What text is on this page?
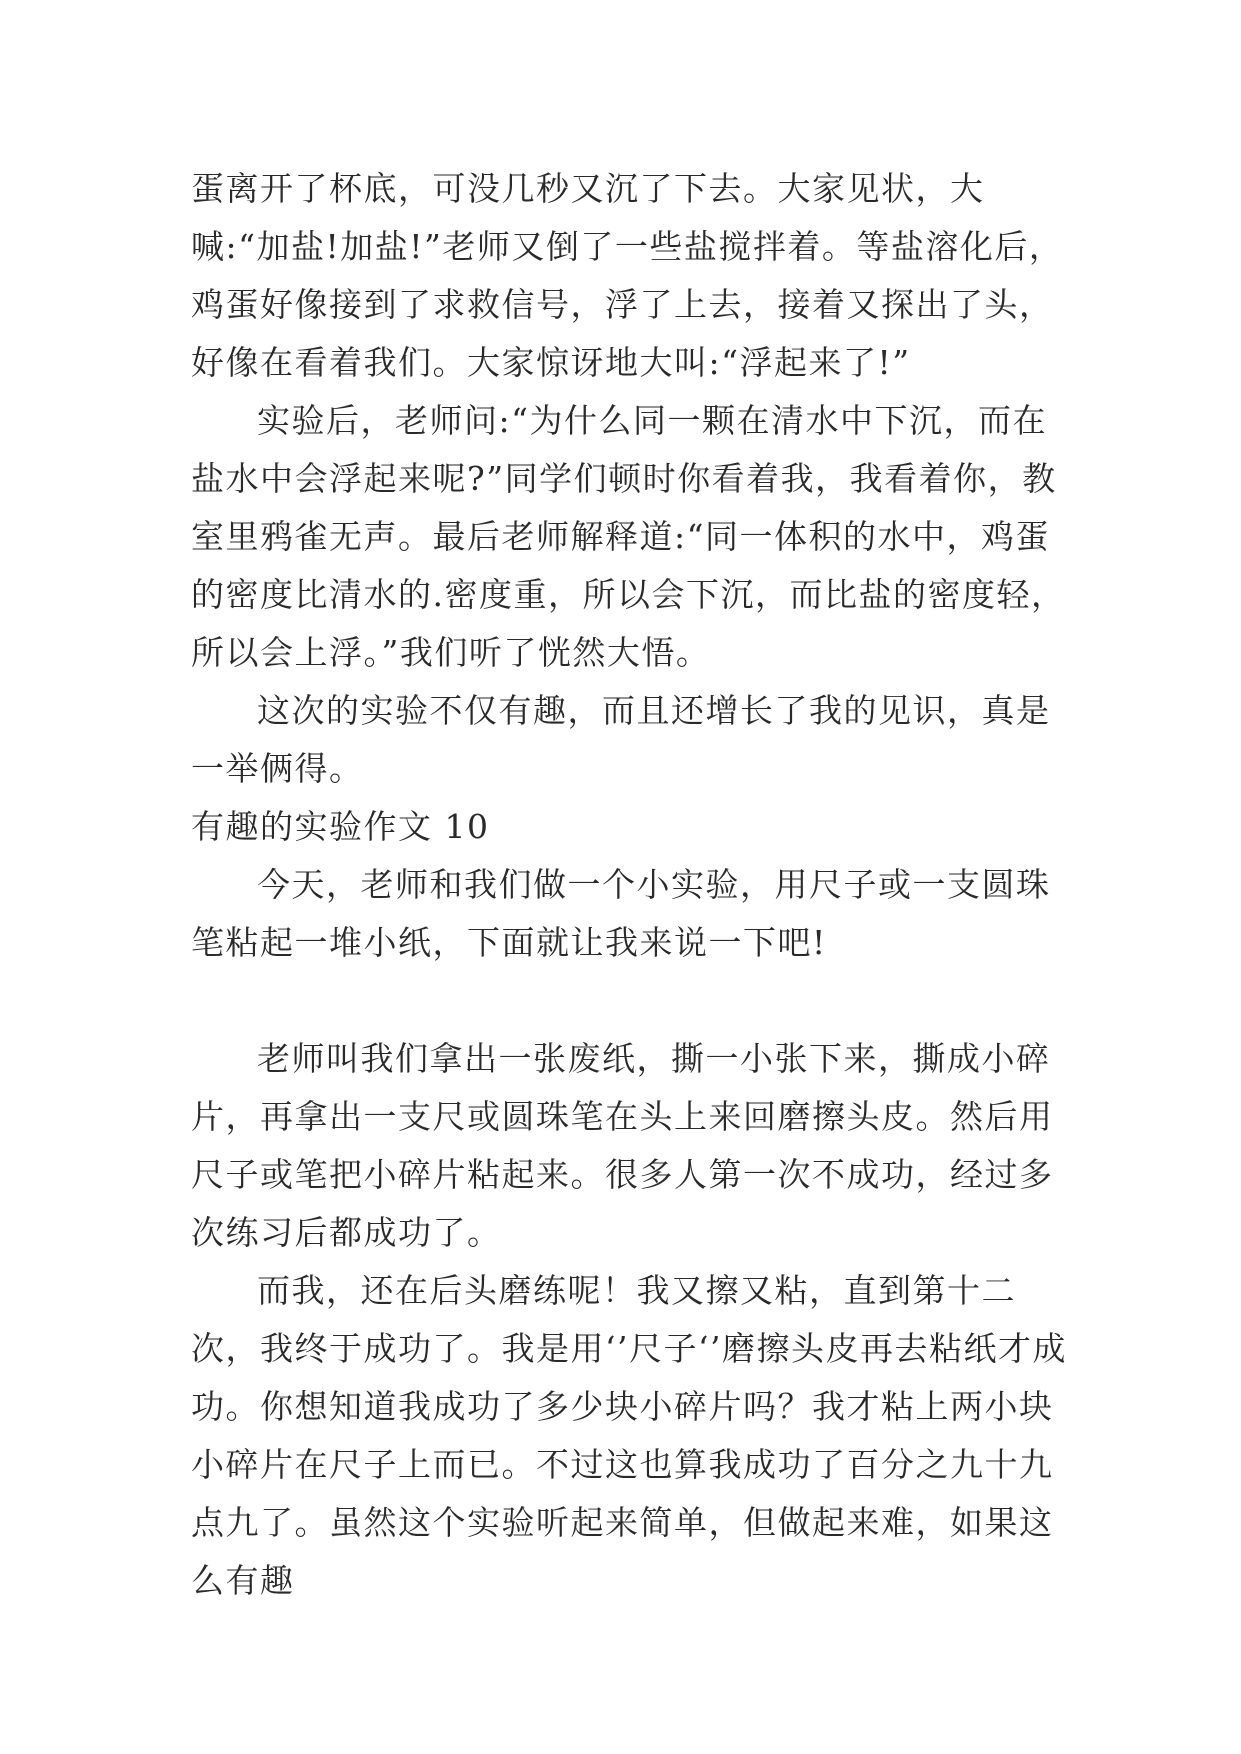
蛋离开了杯底，可没几秒又沉了下去。大家见状，大喊:“加盐!加盐!”老师又倒了一些盐搅拌着。等盐溶化后，鸡蛋好像接到了求救信号，浮了上去，接着又探出了头，好像在看着我们。大家惊讶地大叫:“浮起来了!”

实验后，老师问:“为什么同一颗在清水中下沉，而在盐水中会浮起来呢?”同学们顿时你看着我，我看着你，教室里鸦雀无声。最后老师解释道:“同一体积的水中，鸡蛋的密度比清水的.密度重，所以会下沉，而比盐的密度轻，所以会上浮。”我们听了恍然大悟。

这次的实验不仅有趣，而且还增长了我的见识，真是一举俩得。

有趣的实验作文 10

今天，老师和我们做一个小实验，用尺子或一支圆珠笔粘起一堆小纸，下面就让我来说一下吧!

老师叫我们拿出一张废纸，撕一小张下来，撕成小碎片，再拿出一支尺或圆珠笔在头上来回磨擦头皮。然后用尺子或笔把小碎片粘起来。很多人第一次不成功，经过多次练习后都成功了。

而我，还在后头磨练呢！我又擦又粘，直到第十二次，我终于成功了。我是用‘’尺子‘’磨擦头皮再去粘纸才成功。你想知道我成功了多少块小碎片吗？我才粘上两小块小碎片在尺子上而已。不过这也算我成功了百分之九十九点九了。虽然这个实验听起来简单，但做起来难，如果这么有趣
